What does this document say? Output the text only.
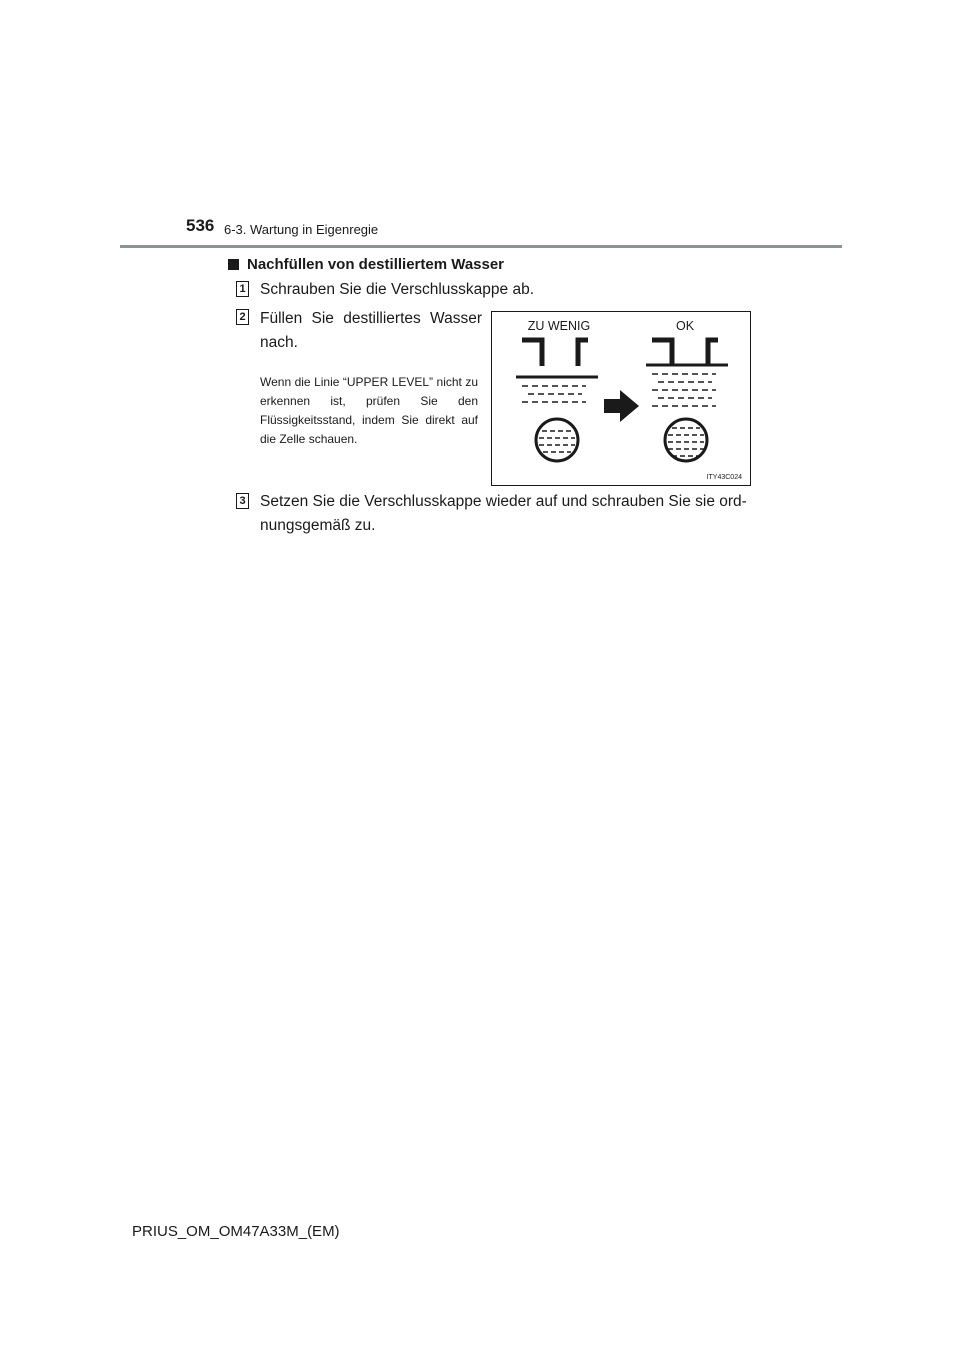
536 6-3. Wartung in Eigenregie
Nachfüllen von destilliertem Wasser
1 Schrauben Sie die Verschlusskappe ab.
2 Füllen Sie destilliertes Wasser nach.
Wenn die Linie “UPPER LEVEL” nicht zu erkennen ist, prüfen Sie den Flüssigkeitsstand, indem Sie direkt auf die Zelle schauen.
ZU WENIG	OK
ITY43C024
3 Setzen Sie die Verschlusskappe wieder auf und schrauben Sie sie ord-nungsgemäß zu.
PRIUS_OM_OM47A33M_(EM)
